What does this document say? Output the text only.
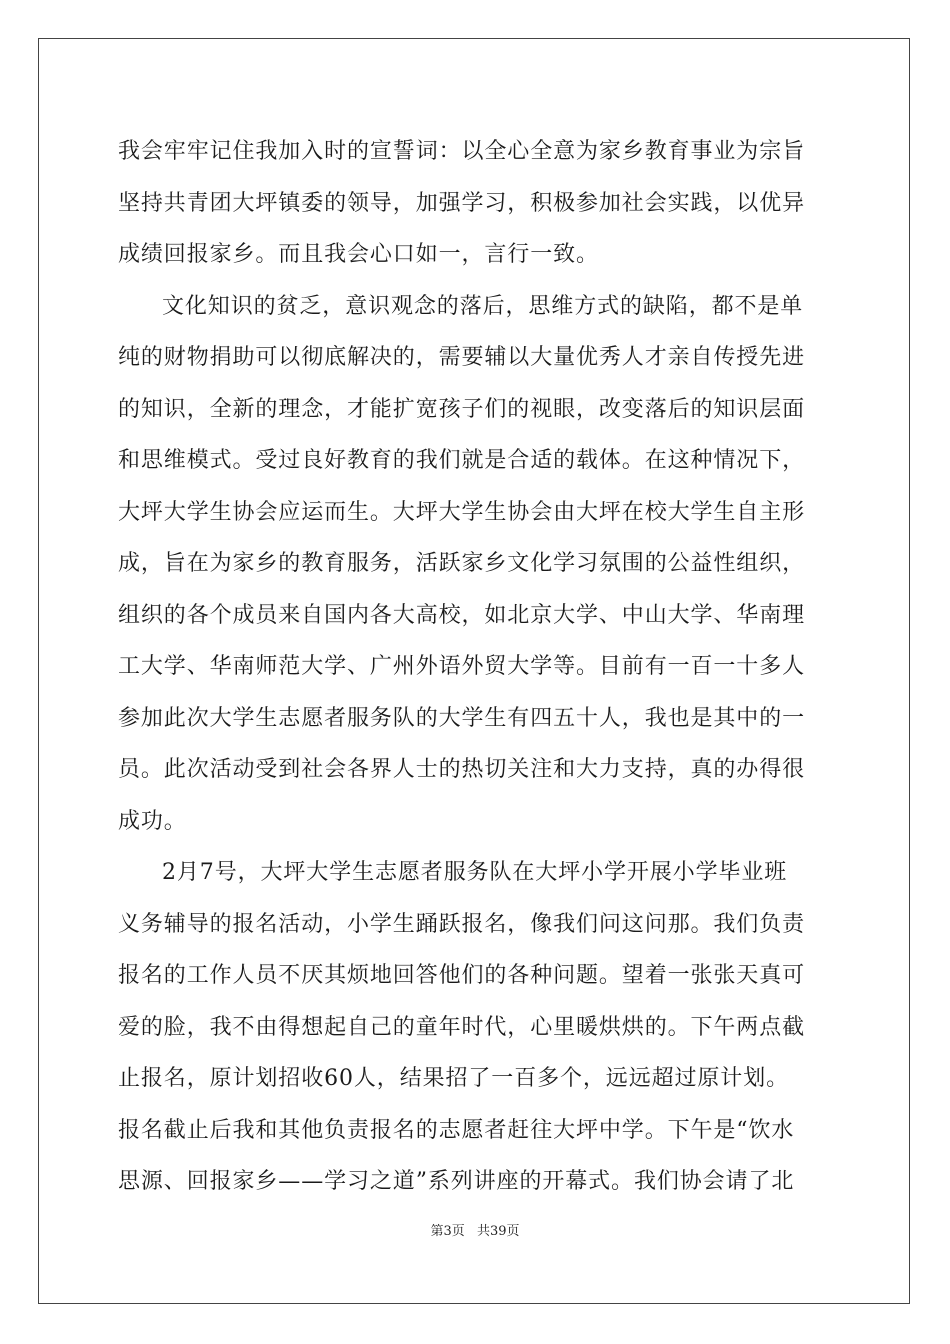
我会牢牢记住我加入时的宣誓词：以全心全意为家乡教育事业为宗旨
坚持共青团大坪镇委的领导，加强学习，积极参加社会实践，以优异
成绩回报家乡。而且我会心口如一，言行一致。
文化知识的贫乏，意识观念的落后，思维方式的缺陷，都不是单
纯的财物捐助可以彻底解决的，需要辅以大量优秀人才亲自传授先进
的知识，全新的理念，才能扩宽孩子们的视眼，改变落后的知识层面
和思维模式。受过良好教育的我们就是合适的载体。在这种情况下，
大坪大学生协会应运而生。大坪大学生协会由大坪在校大学生自主形
成，旨在为家乡的教育服务，活跃家乡文化学习氛围的公益性组织，
组织的各个成员来自国内各大高校，如北京大学、中山大学、华南理
工大学、华南师范大学、广州外语外贸大学等。目前有一百一十多人
参加此次大学生志愿者服务队的大学生有四五十人，我也是其中的一
员。此次活动受到社会各界人士的热切关注和大力支持，真的办得很
成功。
2月7号，大坪大学生志愿者服务队在大坪小学开展小学毕业班
义务辅导的报名活动，小学生踊跃报名，像我们问这问那。我们负责
报名的工作人员不厌其烦地回答他们的各种问题。望着一张张天真可
爱的脸，我不由得想起自己的童年时代，心里暖烘烘的。下午两点截
止报名，原计划招收60人，结果招了一百多个，远远超过原计划。
报名截止后我和其他负责报名的志愿者赶往大坪中学。下午是“饮水
思源、回报家乡——学习之道”系列讲座的开幕式。我们协会请了北
第3页 共39页
